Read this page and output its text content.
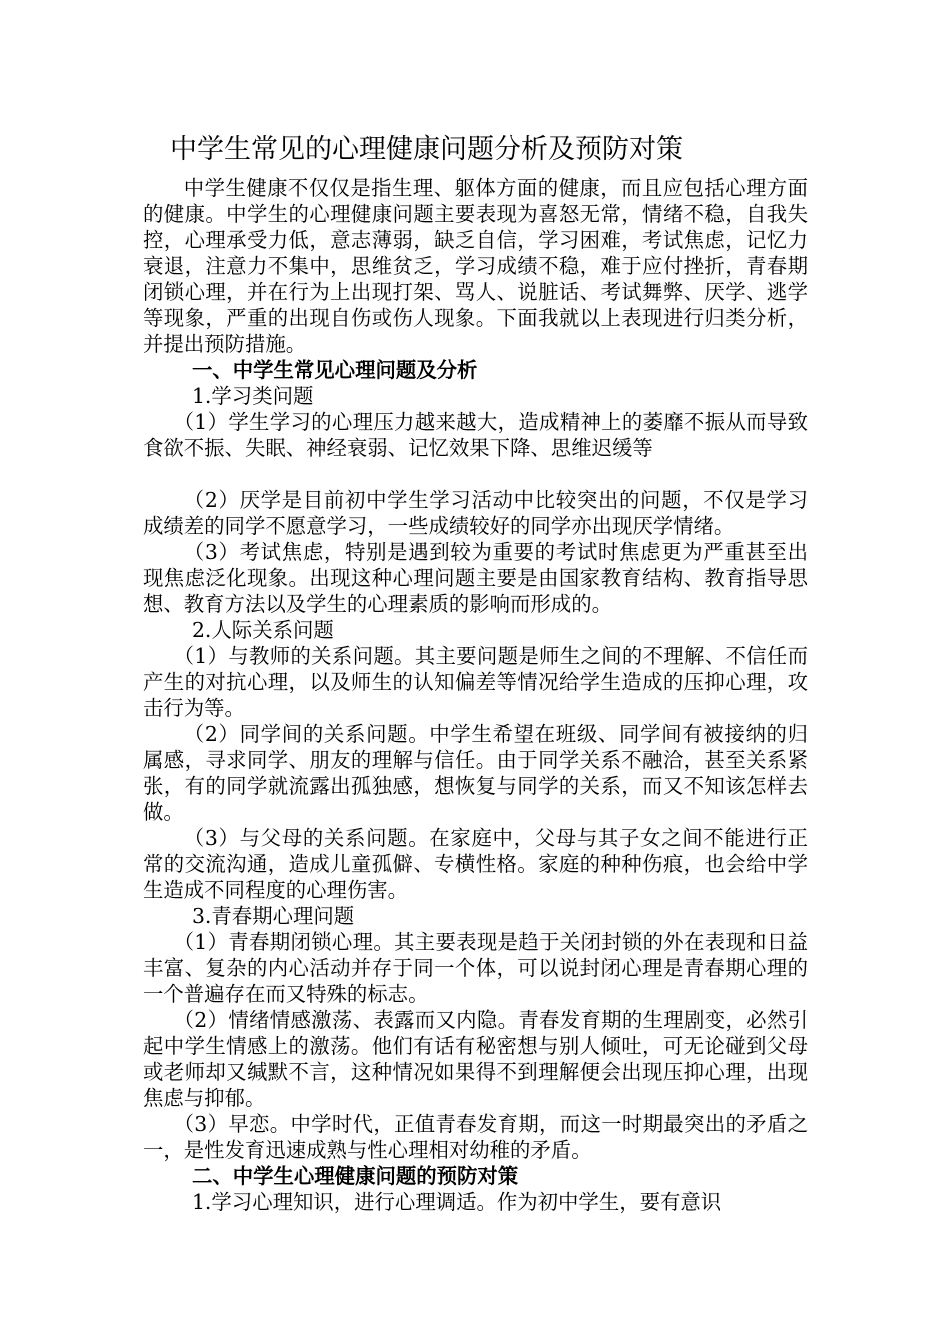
中学生常见的心理健康问题分析及预防对策

中学生健康不仅仅是指生理、躯体方面的健康，而且应包括心理方面的健康。中学生的心理健康问题主要表现为喜怒无常，情绪不稳，自我失控，心理承受力低，意志薄弱，缺乏自信，学习困难，考试焦虑，记忆力衰退，注意力不集中，思维贫乏，学习成绩不稳，难于应付挫折，青春期闭锁心理，并在行为上出现打架、骂人、说脏话、考试舞弊、厌学、逃学等现象，严重的出现自伤或伤人现象。下面我就以上表现进行归类分析，并提出预防措施。

一、中学生常见心理问题及分析

1.学习类问题

（1）学生学习的心理压力越来越大，造成精神上的萎靡不振从而导致食欲不振、失眠、神经衰弱、记忆效果下降、思维迟缓等

（2）厌学是目前初中学生学习活动中比较突出的问题，不仅是学习成绩差的同学不愿意学习，一些成绩较好的同学亦出现厌学情绪。

（3）考试焦虑，特别是遇到较为重要的考试时焦虑更为严重甚至出现焦虑泛化现象。出现这种心理问题主要是由国家教育结构、教育指导思想、教育方法以及学生的心理素质的影响而形成的。

2.人际关系问题

（1）与教师的关系问题。其主要问题是师生之间的不理解、不信任而产生的对抗心理，以及师生的认知偏差等情况给学生造成的压抑心理，攻击行为等。

（2）同学间的关系问题。中学生希望在班级、同学间有被接纳的归属感，寻求同学、朋友的理解与信任。由于同学关系不融洽，甚至关系紧张，有的同学就流露出孤独感，想恢复与同学的关系，而又不知该怎样去做。

（3）与父母的关系问题。在家庭中，父母与其子女之间不能进行正常的交流沟通，造成儿童孤僻、专横性格。家庭的种种伤痕，也会给中学生造成不同程度的心理伤害。

3.青春期心理问题

（1）青春期闭锁心理。其主要表现是趋于关闭封锁的外在表现和日益丰富、复杂的内心活动并存于同一个体，可以说封闭心理是青春期心理的一个普遍存在而又特殊的标志。

（2）情绪情感激荡、表露而又内隐。青春发育期的生理剧变，必然引起中学生情感上的激荡。他们有话有秘密想与别人倾吐，可无论碰到父母或老师却又缄默不言，这种情况如果得不到理解便会出现压抑心理，出现焦虑与抑郁。

（3）早恋。中学时代，正值青春发育期，而这一时期最突出的矛盾之一，是性发育迅速成熟与性心理相对幼稚的矛盾。

二、中学生心理健康问题的预防对策

1.学习心理知识，进行心理调适。作为初中学生，要有意识
